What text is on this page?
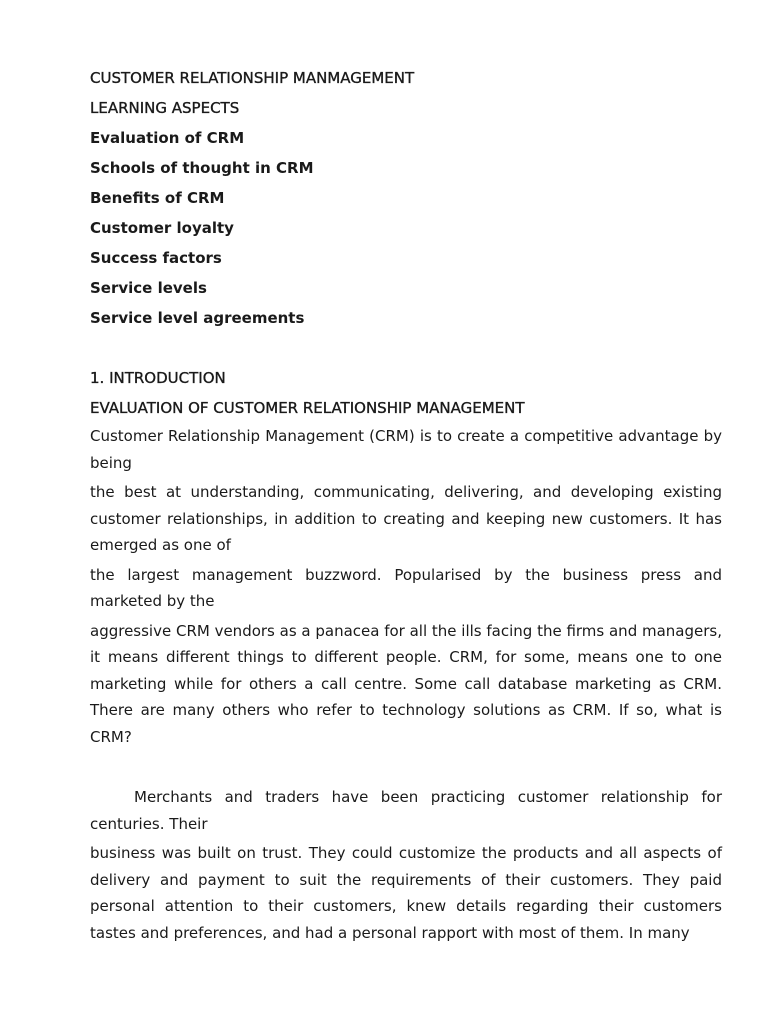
CUSTOMER RELATIONSHIP MANMAGEMENT

LEARNING ASPECTS

Evaluation of CRM

Schools of thought in CRM

Benefits of CRM

Customer loyalty

Success factors

Service levels

Service level agreements

1. INTRODUCTION

EVALUATION OF CUSTOMER RELATIONSHIP MANAGEMENT

Customer Relationship Management (CRM) is to create a competitive advantage by being

the best at understanding, communicating, delivering, and developing existing customer relationships, in addition to creating and keeping new customers. It has emerged as one of

the largest management buzzword. Popularised by the business press and marketed by the

aggressive CRM vendors as a panacea for all the ills facing the firms and managers, it means different things to different people. CRM, for some, means one to one marketing while for others a call centre. Some call database marketing as CRM. There are many others who refer to technology solutions as CRM. If so, what is CRM?

Merchants and traders have been practicing customer relationship for centuries. Their

business was built on trust. They could customize the products and all aspects of delivery and payment to suit the requirements of their customers. They paid personal attention to their customers, knew details regarding their customers tastes and preferences, and had a personal rapport with most of them. In many
